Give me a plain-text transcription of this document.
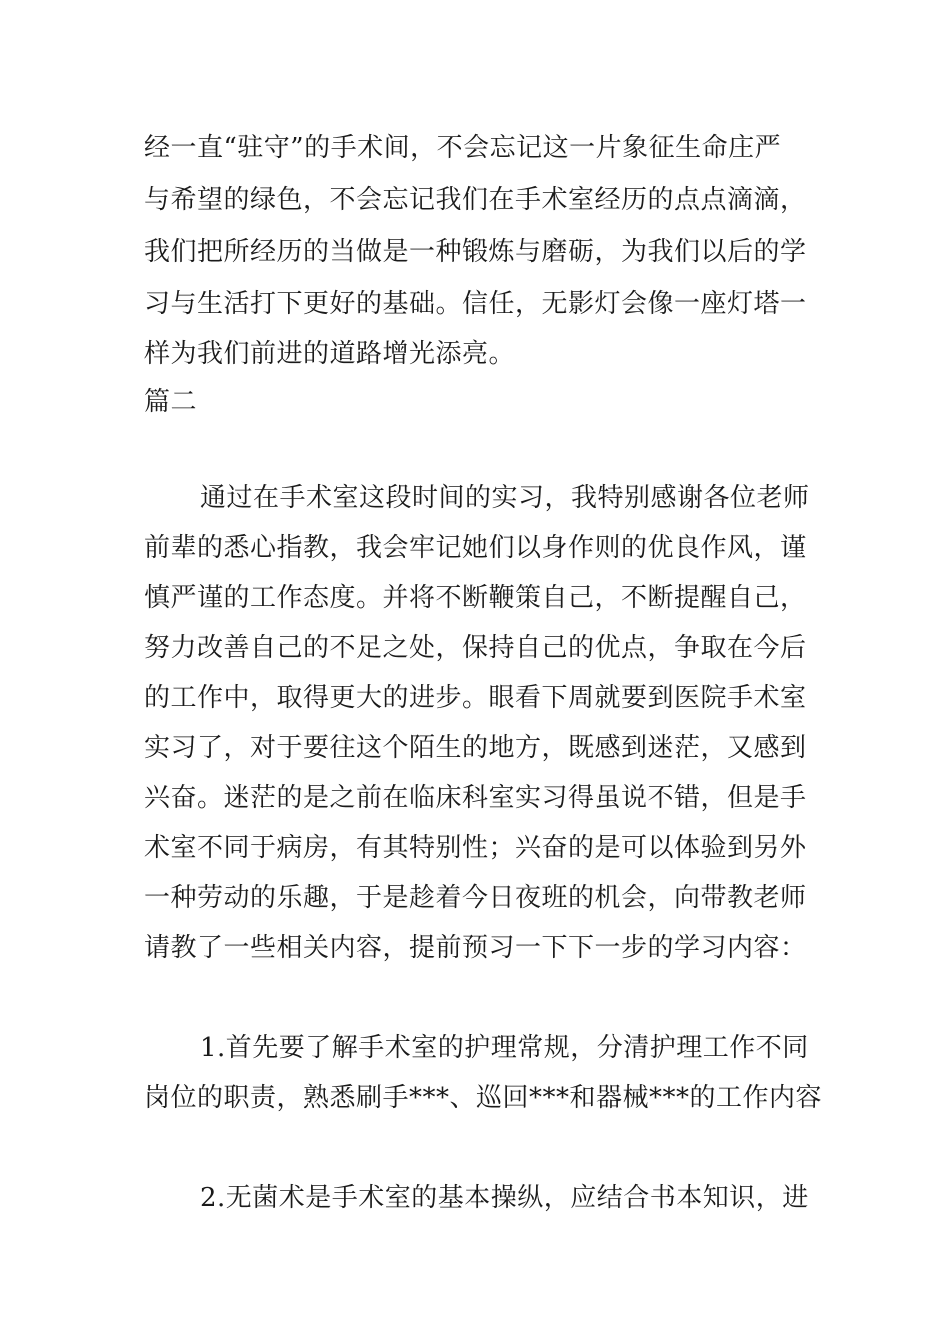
经一直“驻守”的手术间，不会忘记这一片象征生命庄严
与希望的绿色，不会忘记我们在手术室经历的点点滴滴，
我们把所经历的当做是一种锻炼与磨砺，为我们以后的学
习与生活打下更好的基础。信任，无影灯会像一座灯塔一
样为我们前进的道路增光添亮。
篇二
通过在手术室这段时间的实习，我特别感谢各位老师
前辈的悉心指教，我会牢记她们以身作则的优良作风，谨
慎严谨的工作态度。并将不断鞭策自己，不断提醒自己，
努力改善自己的不足之处，保持自己的优点，争取在今后
的工作中，取得更大的进步。眼看下周就要到医院手术室
实习了，对于要往这个陌生的地方，既感到迷茫，又感到
兴奋。迷茫的是之前在临床科室实习得虽说不错，但是手
术室不同于病房，有其特别性；兴奋的是可以体验到另外
一种劳动的乐趣，于是趁着今日夜班的机会，向带教老师
请教了一些相关内容，提前预习一下下一步的学习内容：
1.首先要了解手术室的护理常规，分清护理工作不同
岗位的职责，熟悉刷手***、巡回***和器械***的工作内容
2.无菌术是手术室的基本操纵，应结合书本知识，进
